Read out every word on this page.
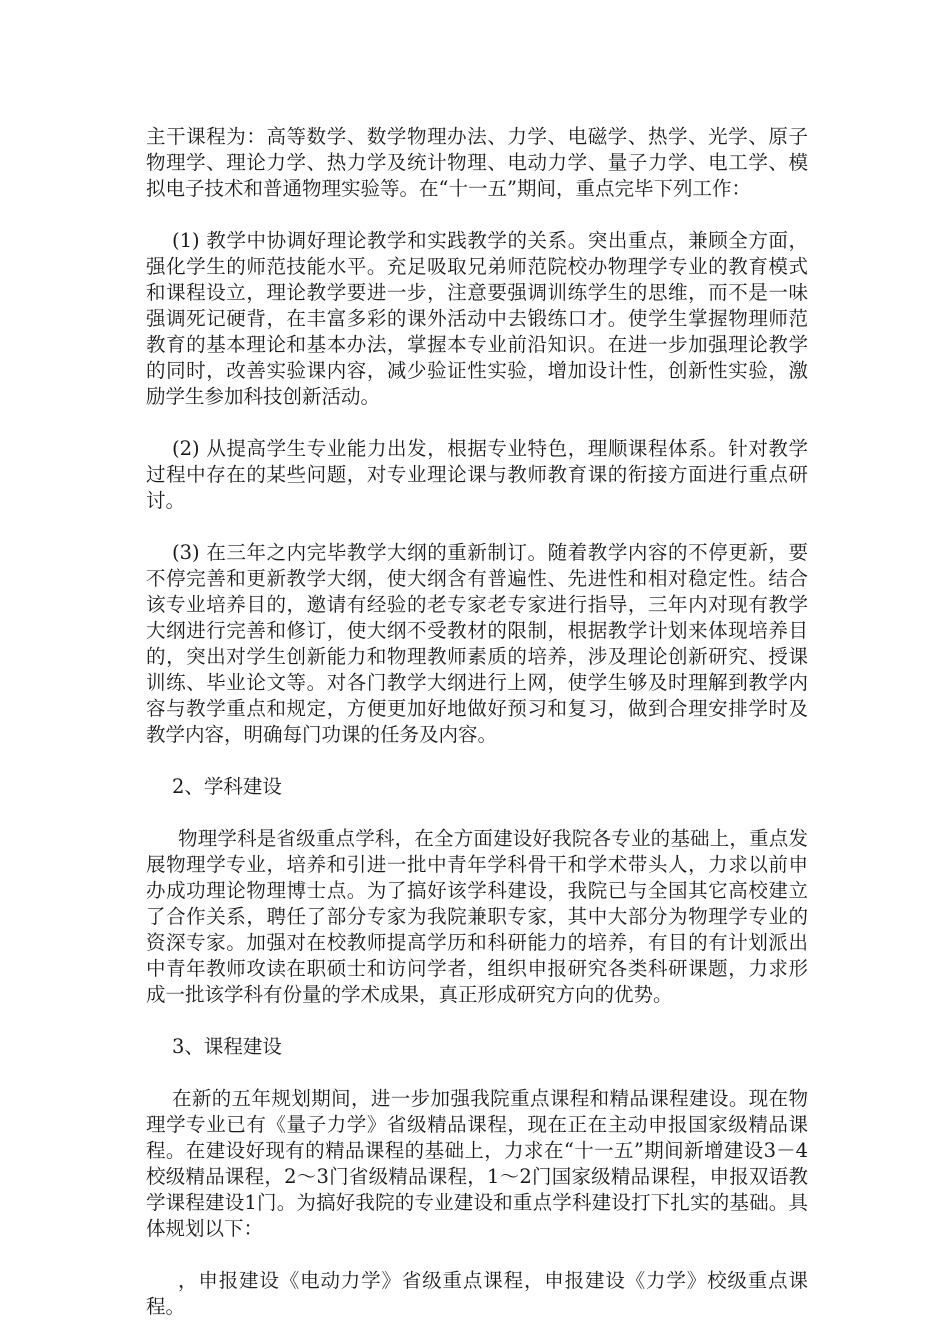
主干课程为：高等数学、数学物理办法、力学、电磁学、热学、光学、原子物理学、理论力学、热力学及统计物理、电动力学、量子力学、电工学、模拟电子技术和普通物理实验等。在“十一五”期间，重点完毕下列工作：

(1) 教学中协调好理论教学和实践教学的关系。突出重点，兼顾全方面，强化学生的师范技能水平。充足吸取兄弟师范院校办物理学专业的教育模式和课程设立，理论教学要进一步，注意要强调训练学生的思维，而不是一味强调死记硬背，在丰富多彩的课外活动中去锻练口才。使学生掌握物理师范教育的基本理论和基本办法，掌握本专业前沿知识。在进一步加强理论教学的同时，改善实验课内容，减少验证性实验，增加设计性，创新性实验，激励学生参加科技创新活动。

(2) 从提高学生专业能力出发，根据专业特色，理顺课程体系。针对教学过程中存在的某些问题，对专业理论课与教师教育课的衔接方面进行重点研讨。

(3) 在三年之内完毕教学大纲的重新制订。随着教学内容的不停更新，要不停完善和更新教学大纲，使大纲含有普遍性、先进性和相对稳定性。结合该专业培养目的，邀请有经验的老专家老专家进行指导，三年内对现有教学大纲进行完善和修订，使大纲不受教材的限制，根据教学计划来体现培养目的，突出对学生创新能力和物理教师素质的培养，涉及理论创新研究、授课训练、毕业论文等。对各门教学大纲进行上网，使学生够及时理解到教学内容与教学重点和规定，方便更加好地做好预习和复习，做到合理安排学时及教学内容，明确每门功课的任务及内容。

2、学科建设

物理学科是省级重点学科，在全方面建设好我院各专业的基础上，重点发展物理学专业，培养和引进一批中青年学科骨干和学术带头人，力求以前申办成功理论物理博士点。为了搞好该学科建设，我院已与全国其它高校建立了合作关系，聘任了部分专家为我院兼职专家，其中大部分为物理学专业的资深专家。加强对在校教师提高学历和科研能力的培养，有目的有计划派出中青年教师攻读在职硕士和访问学者，组织申报研究各类科研课题，力求形成一批该学科有份量的学术成果，真正形成研究方向的优势。

3、课程建设

在新的五年规划期间，进一步加强我院重点课程和精品课程建设。现在物理学专业已有《量子力学》省级精品课程，现在正在主动申报国家级精品课程。在建设好现有的精品课程的基础上，力求在“十一五”期间新增建设3－4校级精品课程，2～3门省级精品课程，1～2门国家级精品课程，申报双语教学课程建设1门。为搞好我院的专业建设和重点学科建设打下扎实的基础。具体规划以下：

，申报建设《电动力学》省级重点课程，申报建设《力学》校级重点课程。
